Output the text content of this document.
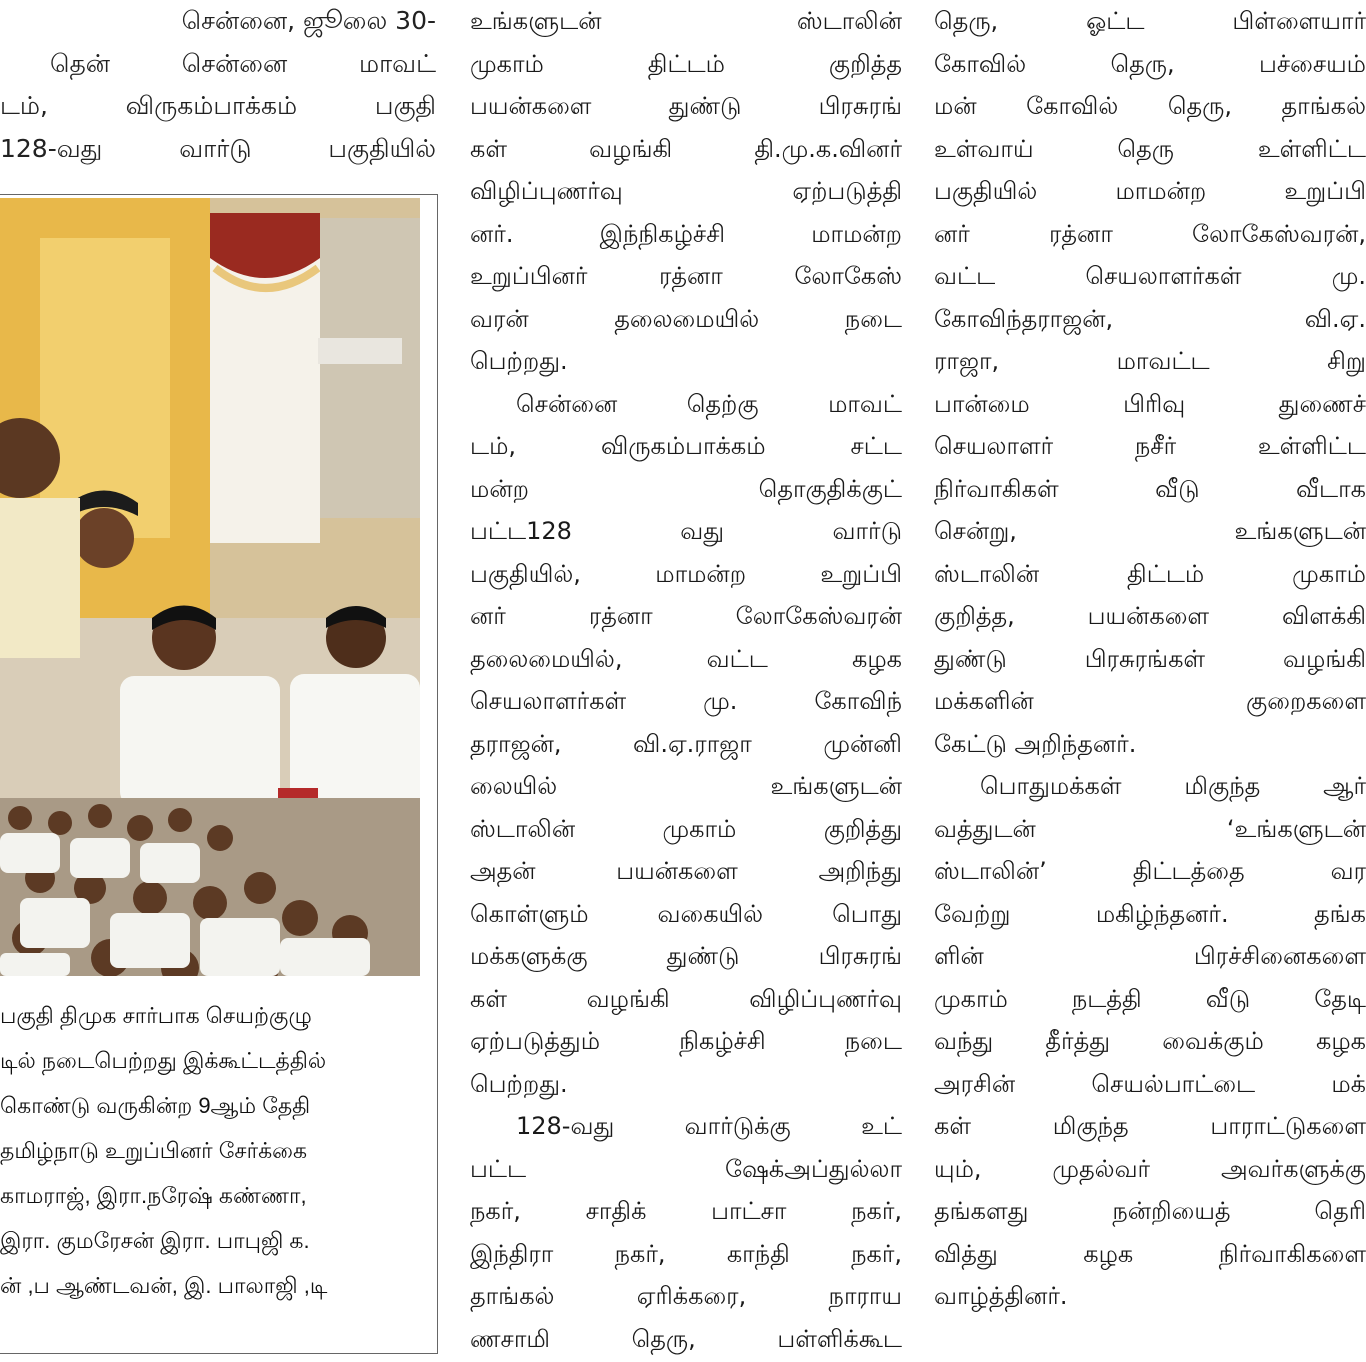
சென்னை, ஜூலை 30-
தென் சென்னை மாவட்
டம், விருகம்பாக்கம் பகுதி
128-வது வார்டு பகுதியில்
பகுதி திமுக சார்பாக செயற்குழு
டில் நடைபெற்றது இக்கூட்டத்தில்
கொண்டு வருகின்ற 9ஆம் தேதி
தமிழ்நாடு உறுப்பினர் சேர்க்கை
காமராஜ், இரா.நரேஷ் கண்ணா,
இரா. குமரேசன் இரா. பாபுஜி க.
ன் ,ப ஆண்டவன், இ. பாலாஜி ,டி
உங்களுடன் ஸ்டாலின்
முகாம் திட்டம் குறித்த
பயன்களை துண்டு பிரசுரங்
கள் வழங்கி தி.மு.க.வினர்
விழிப்புணர்வு ஏற்படுத்தி
னர். இந்நிகழ்ச்சி மாமன்ற
உறுப்பினர் ரத்னா லோகேஸ்
வரன் தலைமையில் நடை
பெற்றது.
சென்னை தெற்கு மாவட்
டம், விருகம்பாக்கம் சட்ட
மன்ற தொகுதிக்குட்
பட்ட128 வது வார்டு
பகுதியில், மாமன்ற உறுப்பி
னர் ரத்னா லோகேஸ்வரன்
தலைமையில், வட்ட கழக
செயலாளர்கள் மு. கோவிந்
தராஜன், வி.ஏ.ராஜா முன்னி
லையில் உங்களுடன்
ஸ்டாலின் முகாம் குறித்து
அதன் பயன்களை அறிந்து
கொள்ளும் வகையில் பொது
மக்களுக்கு துண்டு பிரசுரங்
கள் வழங்கி விழிப்புணர்வு
ஏற்படுத்தும் நிகழ்ச்சி நடை
பெற்றது.
128-வது வார்டுக்கு உட்
பட்ட ஷேக்அப்துல்லா
நகர், சாதிக் பாட்சா நகர்,
இந்திரா நகர், காந்தி நகர்,
தாங்கல் ஏரிக்கரை, நாராய
ணசாமி தெரு, பள்ளிக்கூட
தெரு, ஓட்ட பிள்ளையார்
கோவில் தெரு, பச்சையம்
மன் கோவில் தெரு, தாங்கல்
உள்வாய் தெரு உள்ளிட்ட
பகுதியில் மாமன்ற உறுப்பி
னர் ரத்னா லோகேஸ்வரன்,
வட்ட செயலாளர்கள் மு.
கோவிந்தராஜன், வி.ஏ.
ராஜா, மாவட்ட சிறு
பான்மை பிரிவு துணைச்
செயலாளர் நசீர் உள்ளிட்ட
நிர்வாகிகள் வீடு வீடாக
சென்று, உங்களுடன்
ஸ்டாலின் திட்டம் முகாம்
குறித்த, பயன்களை விளக்கி
துண்டு பிரசுரங்கள் வழங்கி
மக்களின் குறைகளை
கேட்டு அறிந்தனர்.
பொதுமக்கள் மிகுந்த ஆர்
வத்துடன் ‘உங்களுடன்
ஸ்டாலின்’ திட்டத்தை வர
வேற்று மகிழ்ந்தனர். தங்க
ளின் பிரச்சினைகளை
முகாம் நடத்தி வீடு தேடி
வந்து தீர்த்து வைக்கும் கழக
அரசின் செயல்பாட்டை மக்
கள் மிகுந்த பாராட்டுகளை
யும், முதல்வர் அவர்களுக்கு
தங்களது நன்றியைத் தெரி
வித்து கழக நிர்வாகிகளை
வாழ்த்தினர்.
